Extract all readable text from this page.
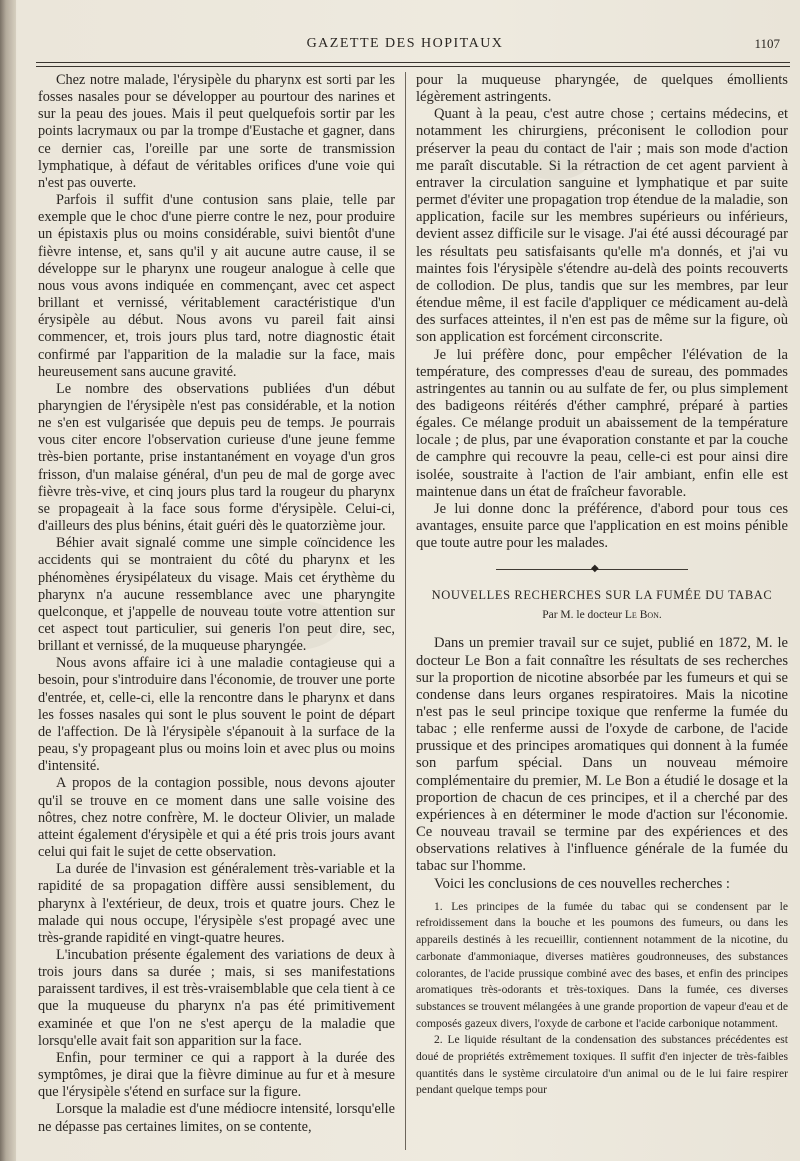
GAZETTE DES HOPITAUX	1107

Chez notre malade, l'érysipèle du pharynx est sorti par les fosses nasales pour se développer au pourtour des narines et sur la peau des joues. Mais il peut quelquefois sortir par les points lacrymaux ou par la trompe d'Eustache et gagner, dans ce dernier cas, l'oreille par une sorte de transmission lymphatique, à défaut de véritables orifices d'une voie qui n'est pas ouverte.

Parfois il suffit d'une contusion sans plaie, telle par exemple que le choc d'une pierre contre le nez, pour produire un épistaxis plus ou moins considérable, suivi bientôt d'une fièvre intense, et, sans qu'il y ait aucune autre cause, il se développe sur le pharynx une rougeur analogue à celle que nous vous avons indiquée en commençant, avec cet aspect brillant et vernissé, véritablement caractéristique d'un érysipèle au début. Nous avons vu pareil fait ainsi commencer, et, trois jours plus tard, notre diagnostic était confirmé par l'apparition de la maladie sur la face, mais heureusement sans aucune gravité.

Le nombre des observations publiées d'un début pharyngien de l'érysipèle n'est pas considérable, et la notion ne s'en est vulgarisée que depuis peu de temps. Je pourrais vous citer encore l'observation curieuse d'une jeune femme très-bien portante, prise instantanément en voyage d'un gros frisson, d'un malaise général, d'un peu de mal de gorge avec fièvre très-vive, et cinq jours plus tard la rougeur du pharynx se propageait à la face sous forme d'érysipèle. Celui-ci, d'ailleurs des plus bénins, était guéri dès le quatorzième jour.

Béhier avait signalé comme une simple coïncidence les accidents qui se montraient du côté du pharynx et les phénomènes érysipélateux du visage. Mais cet érythème du pharynx n'a aucune ressemblance avec une pharyngite quelconque, et j'appelle de nouveau toute votre attention sur cet aspect tout particulier, sui generis l'on peut dire, sec, brillant et vernissé, de la muqueuse pharyngée.

Nous avons affaire ici à une maladie contagieuse qui a besoin, pour s'introduire dans l'économie, de trouver une porte d'entrée, et, celle-ci, elle la rencontre dans le pharynx et dans les fosses nasales qui sont le plus souvent le point de départ de l'affection. De là l'érysipèle s'épanouit à la surface de la peau, s'y propageant plus ou moins loin et avec plus ou moins d'intensité.

A propos de la contagion possible, nous devons ajouter qu'il se trouve en ce moment dans une salle voisine des nôtres, chez notre confrère, M. le docteur Olivier, un malade atteint également d'érysipèle et qui a été pris trois jours avant celui qui fait le sujet de cette observation.

La durée de l'invasion est généralement très-variable et la rapidité de sa propagation diffère aussi sensiblement, du pharynx à l'extérieur, de deux, trois et quatre jours. Chez le malade qui nous occupe, l'érysipèle s'est propagé avec une très-grande rapidité en vingt-quatre heures.

L'incubation présente également des variations de deux à trois jours dans sa durée ; mais, si ses manifestations paraissent tardives, il est très-vraisemblable que cela tient à ce que la muqueuse du pharynx n'a pas été primitivement examinée et que l'on ne s'est aperçu de la maladie que lorsqu'elle avait fait son apparition sur la face.

Enfin, pour terminer ce qui a rapport à la durée des symptômes, je dirai que la fièvre diminue au fur et à mesure que l'érysipèle s'étend en surface sur la figure.

Lorsque la maladie est d'une médiocre intensité, lorsqu'elle ne dépasse pas certaines limites, on se contente,

pour la muqueuse pharyngée, de quelques émollients légèrement astringents.

Quant à la peau, c'est autre chose ; certains médecins, et notamment les chirurgiens, préconisent le collodion pour préserver la peau du contact de l'air ; mais son mode d'action me paraît discutable. Si la rétraction de cet agent parvient à entraver la circulation sanguine et lymphatique et par suite permet d'éviter une propagation trop étendue de la maladie, son application, facile sur les membres supérieurs ou inférieurs, devient assez difficile sur le visage. J'ai été aussi découragé par les résultats peu satisfaisants qu'elle m'a donnés, et j'ai vu maintes fois l'érysipèle s'étendre au-delà des points recouverts de collodion. De plus, tandis que sur les membres, par leur étendue même, il est facile d'appliquer ce médicament au-delà des surfaces atteintes, il n'en est pas de même sur la figure, où son application est forcément circonscrite.

Je lui préfère donc, pour empêcher l'élévation de la température, des compresses d'eau de sureau, des pommades astringentes au tannin ou au sulfate de fer, ou plus simplement des badigeons réitérés d'éther camphré, préparé à parties égales. Ce mélange produit un abaissement de la température locale ; de plus, par une évaporation constante et par la couche de camphre qui recouvre la peau, celle-ci est pour ainsi dire isolée, soustraite à l'action de l'air ambiant, enfin elle est maintenue dans un état de fraîcheur favorable.

Je lui donne donc la préférence, d'abord pour tous ces avantages, ensuite parce que l'application en est moins pénible que toute autre pour les malades.

◆
NOUVELLES RECHERCHES SUR LA FUMÉE DU TABAC
Par M. le docteur Le Bon.

Dans un premier travail sur ce sujet, publié en 1872, M. le docteur Le Bon a fait connaître les résultats de ses recherches sur la proportion de nicotine absorbée par les fumeurs et qui se condense dans leurs organes respiratoires. Mais la nicotine n'est pas le seul principe toxique que renferme la fumée du tabac ; elle renferme aussi de l'oxyde de carbone, de l'acide prussique et des principes aromatiques qui donnent à la fumée son parfum spécial. Dans un nouveau mémoire complémentaire du premier, M. Le Bon a étudié le dosage et la proportion de chacun de ces principes, et il a cherché par des expériences à en déterminer le mode d'action sur l'économie. Ce nouveau travail se termine par des expériences et des observations relatives à l'influence générale de la fumée du tabac sur l'homme.

Voici les conclusions de ces nouvelles recherches :

1. Les principes de la fumée du tabac qui se condensent par le refroidissement dans la bouche et les poumons des fumeurs, ou dans les appareils destinés à les recueillir, contiennent notamment de la nicotine, du carbonate d'ammoniaque, diverses matières goudronneuses, des substances colorantes, de l'acide prussique combiné avec des bases, et enfin des principes aromatiques très-odorants et très-toxiques. Dans la fumée, ces diverses substances se trouvent mélangées à une grande proportion de vapeur d'eau et de composés gazeux divers, l'oxyde de carbone et l'acide carbonique notamment.

2. Le liquide résultant de la condensation des substances précédentes est doué de propriétés extrêmement toxiques. Il suffit d'en injecter de très-faibles quantités dans le système circulatoire d'un animal ou de le lui faire respirer pendant quelque temps pour
